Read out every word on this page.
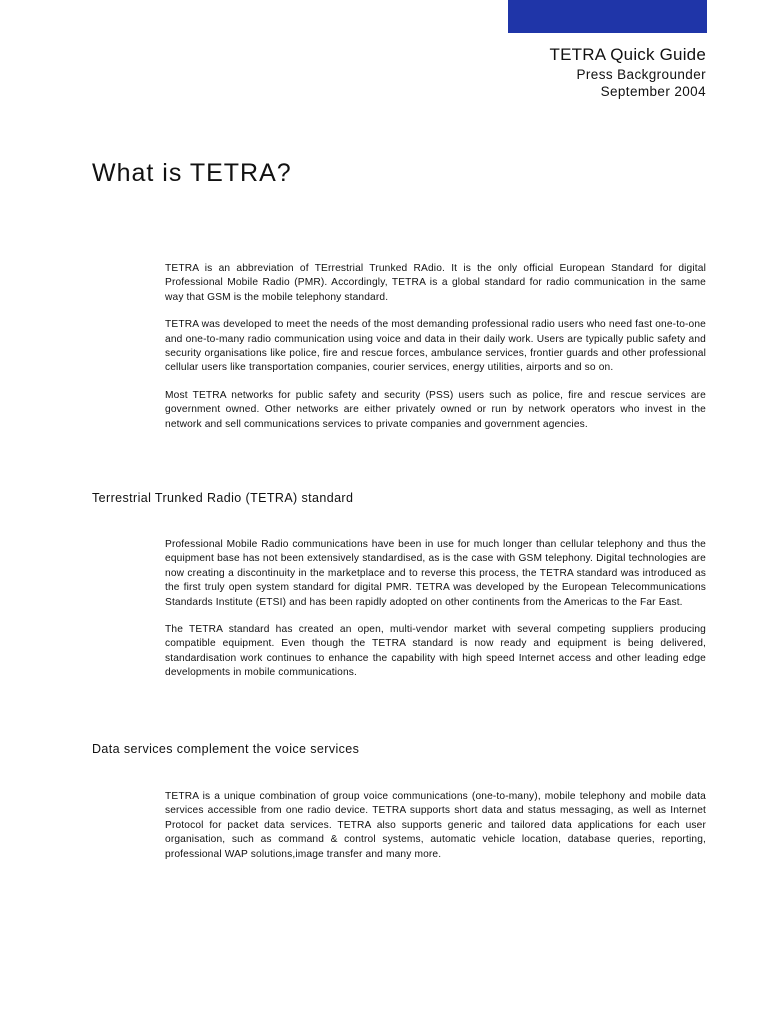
TETRA Quick Guide
Press Backgrounder
September 2004
What is TETRA?

TETRA is an abbreviation of TErrestrial Trunked RAdio. It is the only official European Standard for digital Professional Mobile Radio (PMR). Accordingly, TETRA is a global standard for radio communication in the same way that GSM is the mobile telephony standard.

TETRA was developed to meet the needs of the most demanding professional radio users who need fast one-to-one and one-to-many radio communication using voice and data in their daily work. Users are typically public safety and security organisations like police, fire and rescue forces, ambulance services, frontier guards and other professional cellular users like transportation companies, courier services, energy utilities, airports and so on.

Most TETRA networks for public safety and security (PSS) users such as police, fire and rescue services are government owned. Other networks are either privately owned or run by network operators who invest in the network and sell communications services to private companies and government agencies.

Terrestrial Trunked Radio (TETRA) standard

Professional Mobile Radio communications have been in use for much longer than cellular telephony and thus the equipment base has not been extensively standardised, as is the case with GSM telephony. Digital technologies are now creating a discontinuity in the marketplace and to reverse this process, the TETRA standard was introduced as the first truly open system standard for digital PMR. TETRA was developed by the European Telecommunications Standards Institute (ETSI) and has been rapidly adopted on other continents from the Americas to the Far East.

The TETRA standard has created an open, multi-vendor market with several competing suppliers producing compatible equipment. Even though the TETRA standard is now ready and equipment is being delivered, standardisation work continues to enhance the capability with high speed Internet access and other leading edge developments in mobile communications.

Data services complement the voice services

TETRA is a unique combination of group voice communications (one-to-many), mobile telephony and mobile data services accessible from one radio device. TETRA supports short data and status messaging, as well as Internet Protocol for packet data services. TETRA also supports generic and tailored data applications for each user organisation, such as command & control systems, automatic vehicle location, database queries, reporting, professional WAP solutions,image transfer and many more.
